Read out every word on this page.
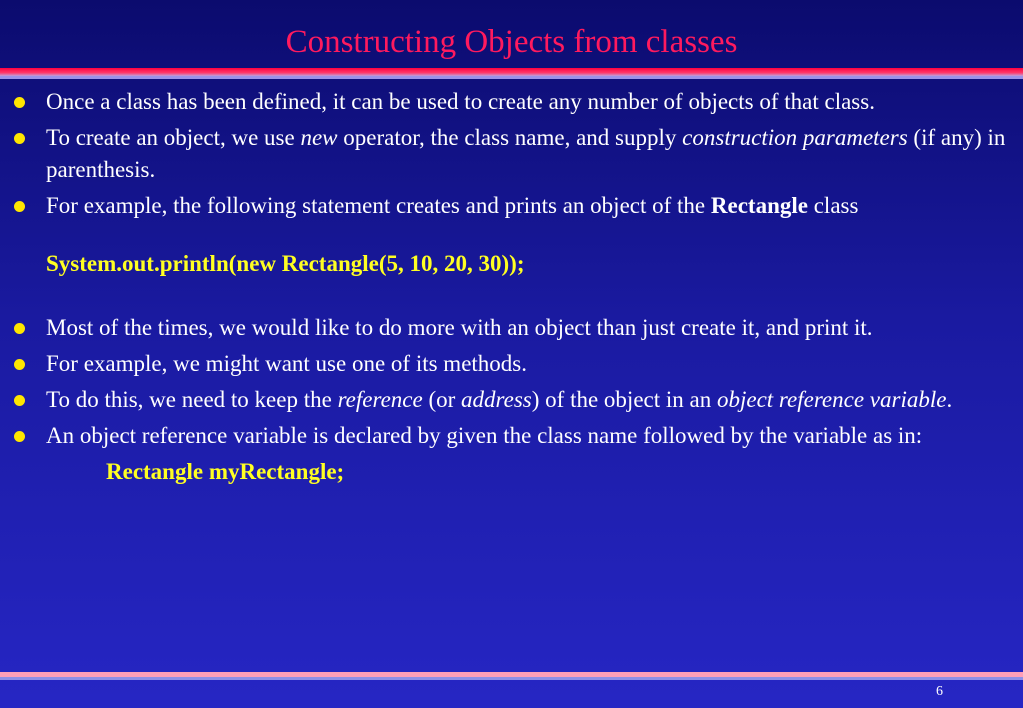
Constructing Objects from classes
Once a class has been defined, it can be used to create any number of objects of that class.
To create an object, we use new operator, the class name, and supply construction parameters (if any) in parenthesis.
For example, the following statement creates and prints an object of the Rectangle class
System.out.println(new Rectangle(5, 10, 20, 30));
Most of the times, we would like to do more with an object than just create it, and print it.
For example, we might want use one of its methods.
To do this, we need to keep the reference (or address) of the object in an object reference variable.
An object reference variable is declared by given the class name followed by the variable as in:
Rectangle myRectangle;
6
